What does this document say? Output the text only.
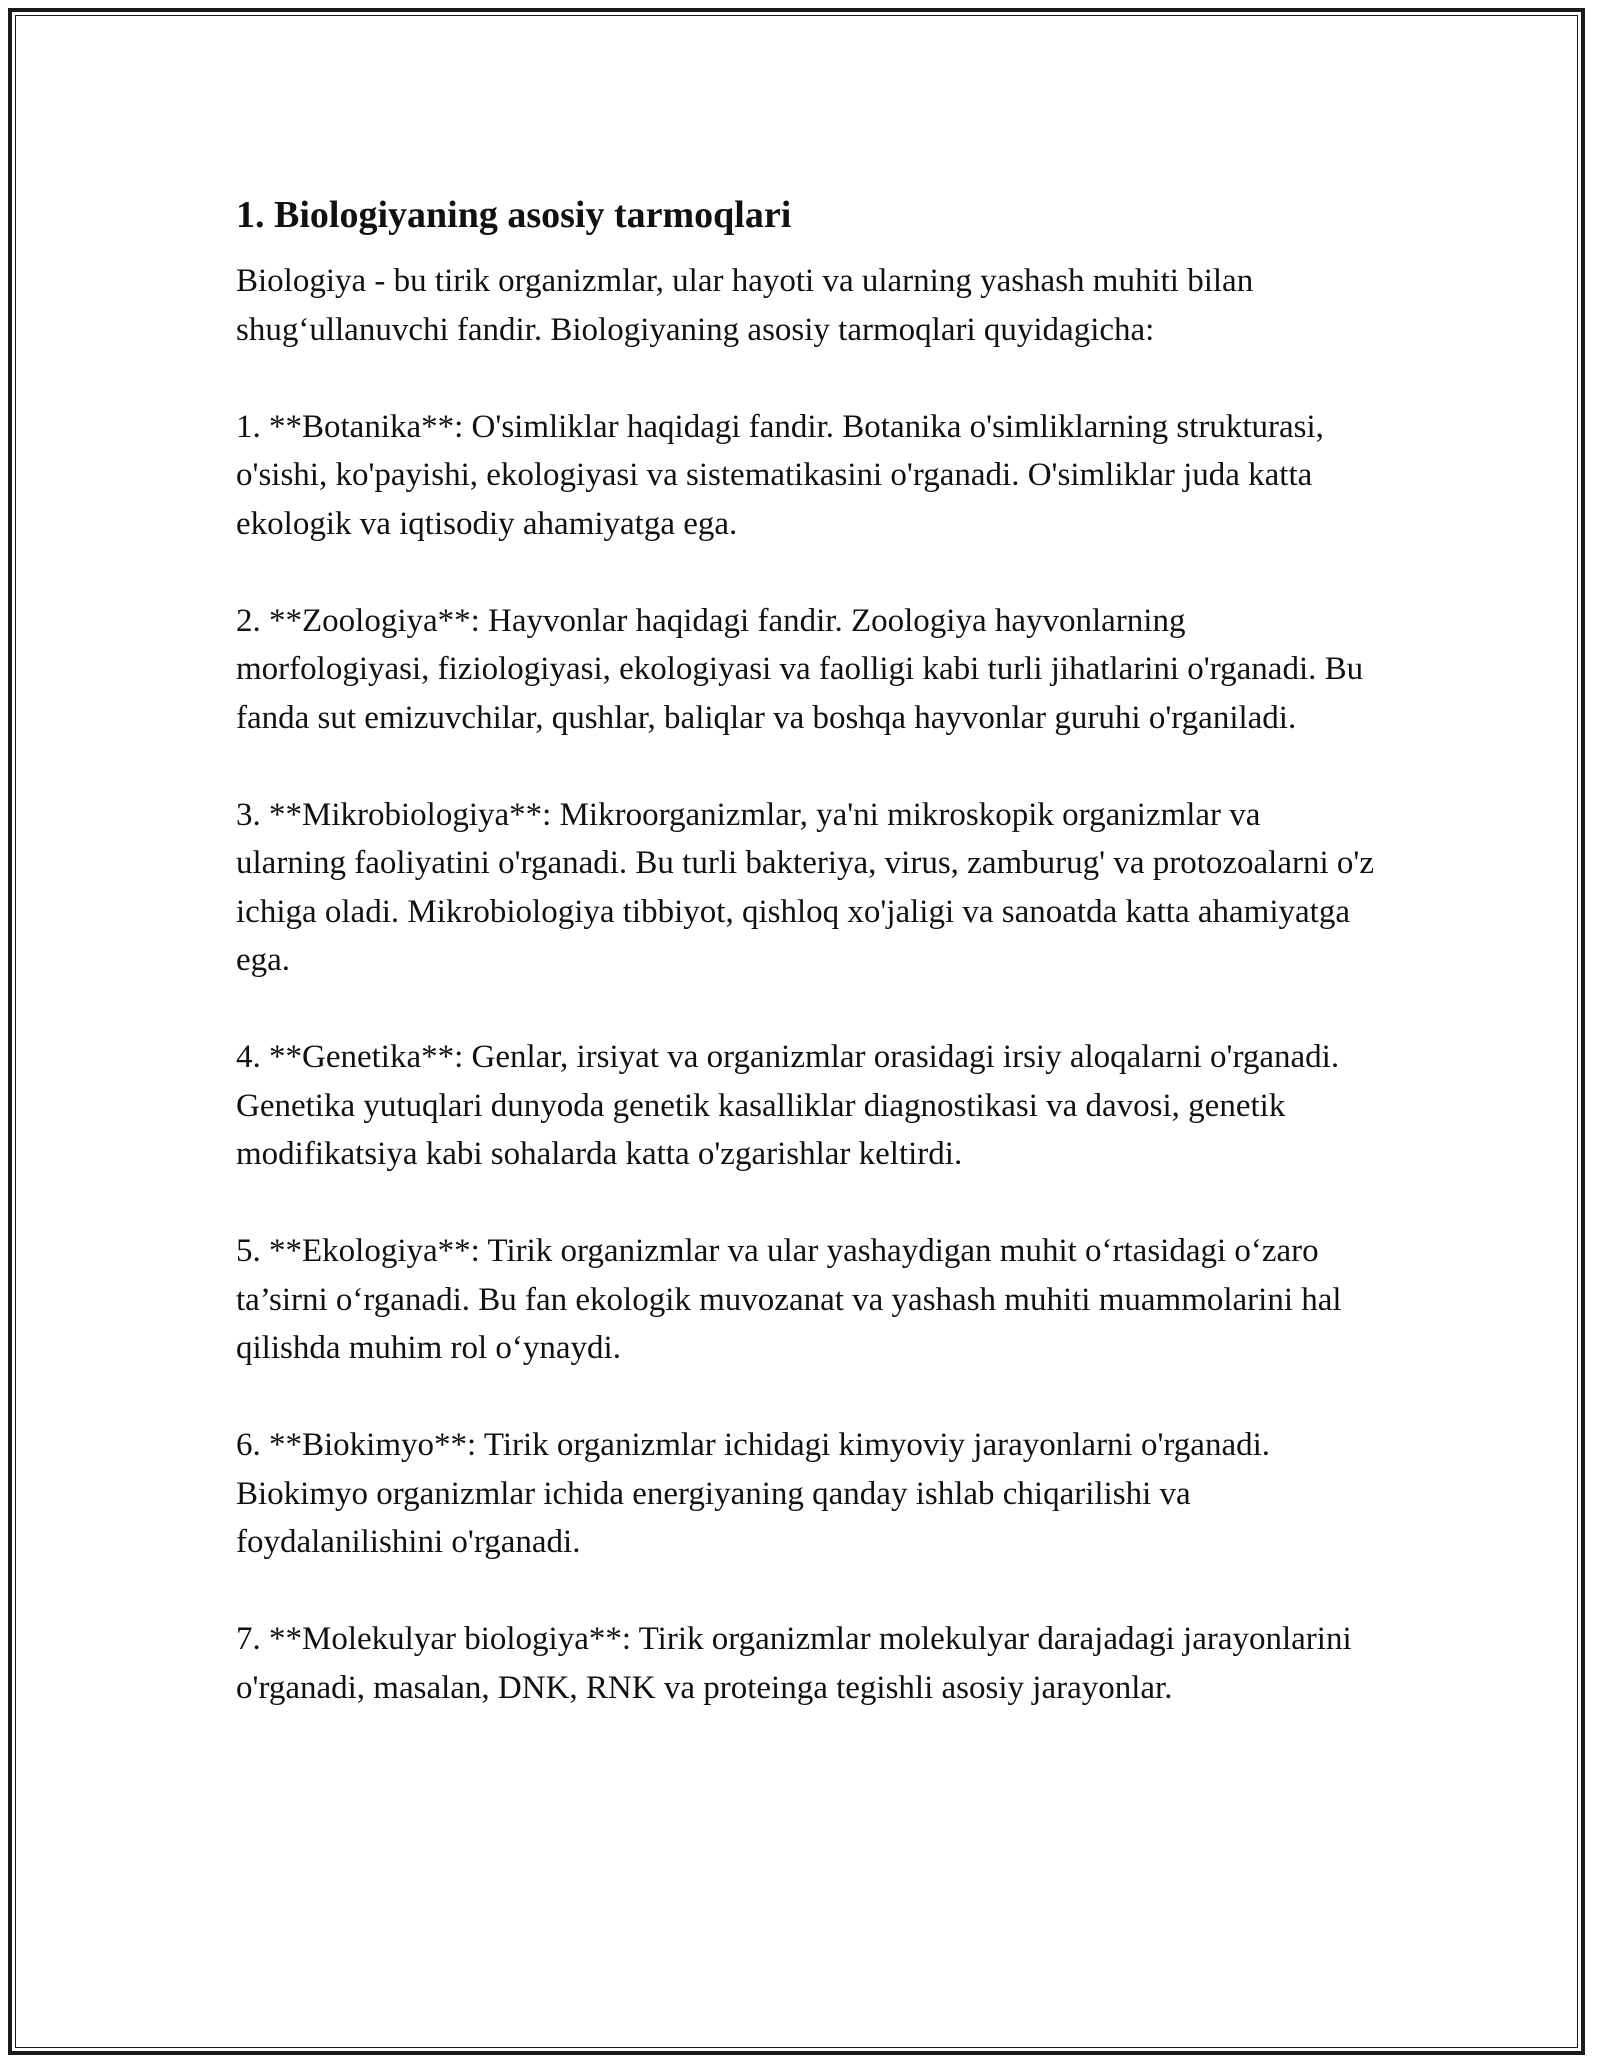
1. Biologiyaning asosiy tarmoqlari

Biologiya - bu tirik organizmlar, ular hayoti va ularning yashash muhiti bilan shug‘ullanuvchi fandir. Biologiyaning asosiy tarmoqlari quyidagicha:

1. **Botanika**: O'simliklar haqidagi fandir. Botanika o'simliklarning strukturasi, o'sishi, ko'payishi, ekologiyasi va sistematikasini o'rganadi. O'simliklar juda katta ekologik va iqtisodiy ahamiyatga ega.

2. **Zoologiya**: Hayvonlar haqidagi fandir. Zoologiya hayvonlarning morfologiyasi, fiziologiyasi, ekologiyasi va faolligi kabi turli jihatlarini o'rganadi. Bu fanda sut emizuvchilar, qushlar, baliqlar va boshqa hayvonlar guruhi o'rganiladi.

3. **Mikrobiologiya**: Mikroorganizmlar, ya'ni mikroskopik organizmlar va ularning faoliyatini o'rganadi. Bu turli bakteriya, virus, zamburug' va protozoalarni o'z ichiga oladi. Mikrobiologiya tibbiyot, qishloq xo'jaligi va sanoatda katta ahamiyatga ega.

4. **Genetika**: Genlar, irsiyat va organizmlar orasidagi irsiy aloqalarni o'rganadi. Genetika yutuqlari dunyoda genetik kasalliklar diagnostikasi va davosi, genetik modifikatsiya kabi sohalarda katta o'zgarishlar keltirdi.

5. **Ekologiya**: Tirik organizmlar va ular yashaydigan muhit o‘rtasidagi o‘zaro ta’sirni o‘rganadi. Bu fan ekologik muvozanat va yashash muhiti muammolarini hal qilishda muhim rol o‘ynaydi.

6. **Biokimyo**: Tirik organizmlar ichidagi kimyoviy jarayonlarni o'rganadi. Biokimyo organizmlar ichida energiyaning qanday ishlab chiqarilishi va foydalanilishini o'rganadi.

7. **Molekulyar biologiya**: Tirik organizmlar molekulyar darajadagi jarayonlarini o'rganadi, masalan, DNK, RNK va proteinga tegishli asosiy jarayonlar.
